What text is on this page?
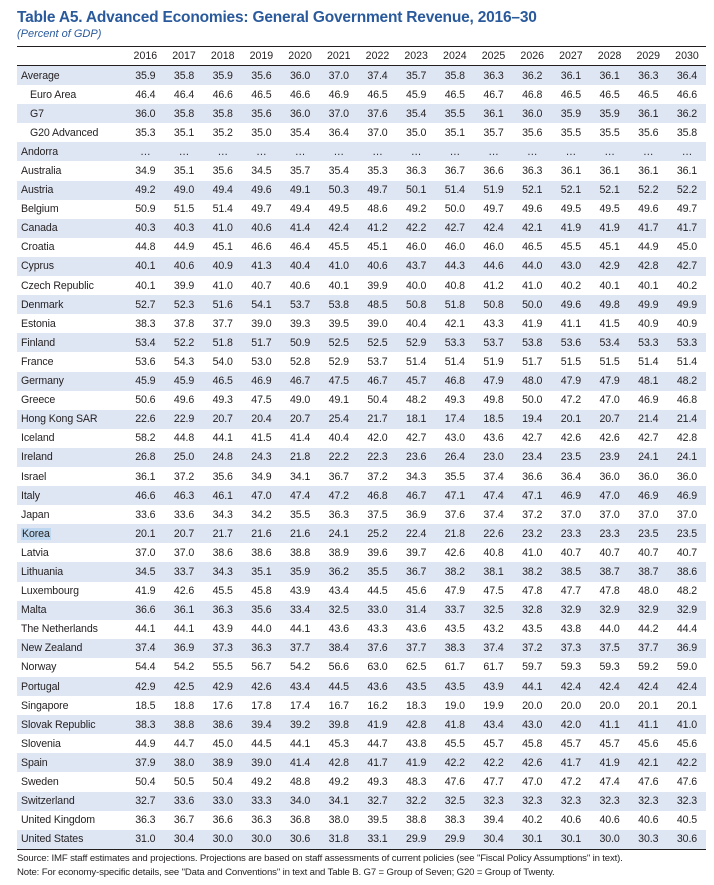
Table A5. Advanced Economies: General Government Revenue, 2016–30
(Percent of GDP)
	2016	2017	2018	2019	2020	2021	2022	2023	2024	2025	2026	2027	2028	2029	2030
Average	35.9	35.8	35.9	35.6	36.0	37.0	37.4	35.7	35.8	36.3	36.2	36.1	36.1	36.3	36.4
Euro Area	46.4	46.4	46.6	46.5	46.6	46.9	46.5	45.9	46.5	46.7	46.8	46.5	46.5	46.5	46.6
G7	36.0	35.8	35.8	35.6	36.0	37.0	37.6	35.4	35.5	36.1	36.0	35.9	35.9	36.1	36.2
G20 Advanced	35.3	35.1	35.2	35.0	35.4	36.4	37.0	35.0	35.1	35.7	35.6	35.5	35.5	35.6	35.8
Andorra	…	…	…	…	…	…	…	…	…	…	…	…	…	…	…
Australia	34.9	35.1	35.6	34.5	35.7	35.4	35.3	36.3	36.7	36.6	36.3	36.1	36.1	36.1	36.1
Austria	49.2	49.0	49.4	49.6	49.1	50.3	49.7	50.1	51.4	51.9	52.1	52.1	52.1	52.2	52.2
Belgium	50.9	51.5	51.4	49.7	49.4	49.5	48.6	49.2	50.0	49.7	49.6	49.5	49.5	49.6	49.7
Canada	40.3	40.3	41.0	40.6	41.4	42.4	41.2	42.2	42.7	42.4	42.1	41.9	41.9	41.7	41.7
Croatia	44.8	44.9	45.1	46.6	46.4	45.5	45.1	46.0	46.0	46.0	46.5	45.5	45.1	44.9	45.0
Cyprus	40.1	40.6	40.9	41.3	40.4	41.0	40.6	43.7	44.3	44.6	44.0	43.0	42.9	42.8	42.7
Czech Republic	40.1	39.9	41.0	40.7	40.6	40.1	39.9	40.0	40.8	41.2	41.0	40.2	40.1	40.1	40.2
Denmark	52.7	52.3	51.6	54.1	53.7	53.8	48.5	50.8	51.8	50.8	50.0	49.6	49.8	49.9	49.9
Estonia	38.3	37.8	37.7	39.0	39.3	39.5	39.0	40.4	42.1	43.3	41.9	41.1	41.5	40.9	40.9
Finland	53.4	52.2	51.8	51.7	50.9	52.5	52.5	52.9	53.3	53.7	53.8	53.6	53.4	53.3	53.3
France	53.6	54.3	54.0	53.0	52.8	52.9	53.7	51.4	51.4	51.9	51.7	51.5	51.5	51.4	51.4
Germany	45.9	45.9	46.5	46.9	46.7	47.5	46.7	45.7	46.8	47.9	48.0	47.9	47.9	48.1	48.2
Greece	50.6	49.6	49.3	47.5	49.0	49.1	50.4	48.2	49.3	49.8	50.0	47.2	47.0	46.9	46.8
Hong Kong SAR	22.6	22.9	20.7	20.4	20.7	25.4	21.7	18.1	17.4	18.5	19.4	20.1	20.7	21.4	21.4
Iceland	58.2	44.8	44.1	41.5	41.4	40.4	42.0	42.7	43.0	43.6	42.7	42.6	42.6	42.7	42.8
Ireland	26.8	25.0	24.8	24.3	21.8	22.2	22.3	23.6	26.4	23.0	23.4	23.5	23.9	24.1	24.1
Israel	36.1	37.2	35.6	34.9	34.1	36.7	37.2	34.3	35.5	37.4	36.6	36.4	36.0	36.0	36.0
Italy	46.6	46.3	46.1	47.0	47.4	47.2	46.8	46.7	47.1	47.4	47.1	46.9	47.0	46.9	46.9
Japan	33.6	33.6	34.3	34.2	35.5	36.3	37.5	36.9	37.6	37.4	37.2	37.0	37.0	37.0	37.0
Korea	20.1	20.7	21.7	21.6	21.6	24.1	25.2	22.4	21.8	22.6	23.2	23.3	23.3	23.5	23.5
Latvia	37.0	37.0	38.6	38.6	38.8	38.9	39.6	39.7	42.6	40.8	41.0	40.7	40.7	40.7	40.7
Lithuania	34.5	33.7	34.3	35.1	35.9	36.2	35.5	36.7	38.2	38.1	38.2	38.5	38.7	38.7	38.6
Luxembourg	41.9	42.6	45.5	45.8	43.9	43.4	44.5	45.6	47.9	47.5	47.8	47.7	47.8	48.0	48.2
Malta	36.6	36.1	36.3	35.6	33.4	32.5	33.0	31.4	33.7	32.5	32.8	32.9	32.9	32.9	32.9
The Netherlands	44.1	44.1	43.9	44.0	44.1	43.6	43.3	43.6	43.5	43.2	43.5	43.8	44.0	44.2	44.4
New Zealand	37.4	36.9	37.3	36.3	37.7	38.4	37.6	37.7	38.3	37.4	37.2	37.3	37.5	37.7	36.9
Norway	54.4	54.2	55.5	56.7	54.2	56.6	63.0	62.5	61.7	61.7	59.7	59.3	59.3	59.2	59.0
Portugal	42.9	42.5	42.9	42.6	43.4	44.5	43.6	43.5	43.5	43.9	44.1	42.4	42.4	42.4	42.4
Singapore	18.5	18.8	17.6	17.8	17.4	16.7	16.2	18.3	19.0	19.9	20.0	20.0	20.0	20.1	20.1
Slovak Republic	38.3	38.8	38.6	39.4	39.2	39.8	41.9	42.8	41.8	43.4	43.0	42.0	41.1	41.1	41.0
Slovenia	44.9	44.7	45.0	44.5	44.1	45.3	44.7	43.8	45.5	45.7	45.8	45.7	45.7	45.6	45.6
Spain	37.9	38.0	38.9	39.0	41.4	42.8	41.7	41.9	42.2	42.2	42.6	41.7	41.9	42.1	42.2
Sweden	50.4	50.5	50.4	49.2	48.8	49.2	49.3	48.3	47.6	47.7	47.0	47.2	47.4	47.6	47.6
Switzerland	32.7	33.6	33.0	33.3	34.0	34.1	32.7	32.2	32.5	32.3	32.3	32.3	32.3	32.3	32.3
United Kingdom	36.3	36.7	36.6	36.3	36.8	38.0	39.5	38.8	38.3	39.4	40.2	40.6	40.6	40.6	40.5
United States	31.0	30.4	30.0	30.0	30.6	31.8	33.1	29.9	29.9	30.4	30.1	30.1	30.0	30.3	30.6
Source: IMF staff estimates and projections. Projections are based on staff assessments of current policies (see "Fiscal Policy Assumptions" in text).
Note: For economy-specific details, see "Data and Conventions" in text and Table B. G7 = Group of Seven; G20 = Group of Twenty.
